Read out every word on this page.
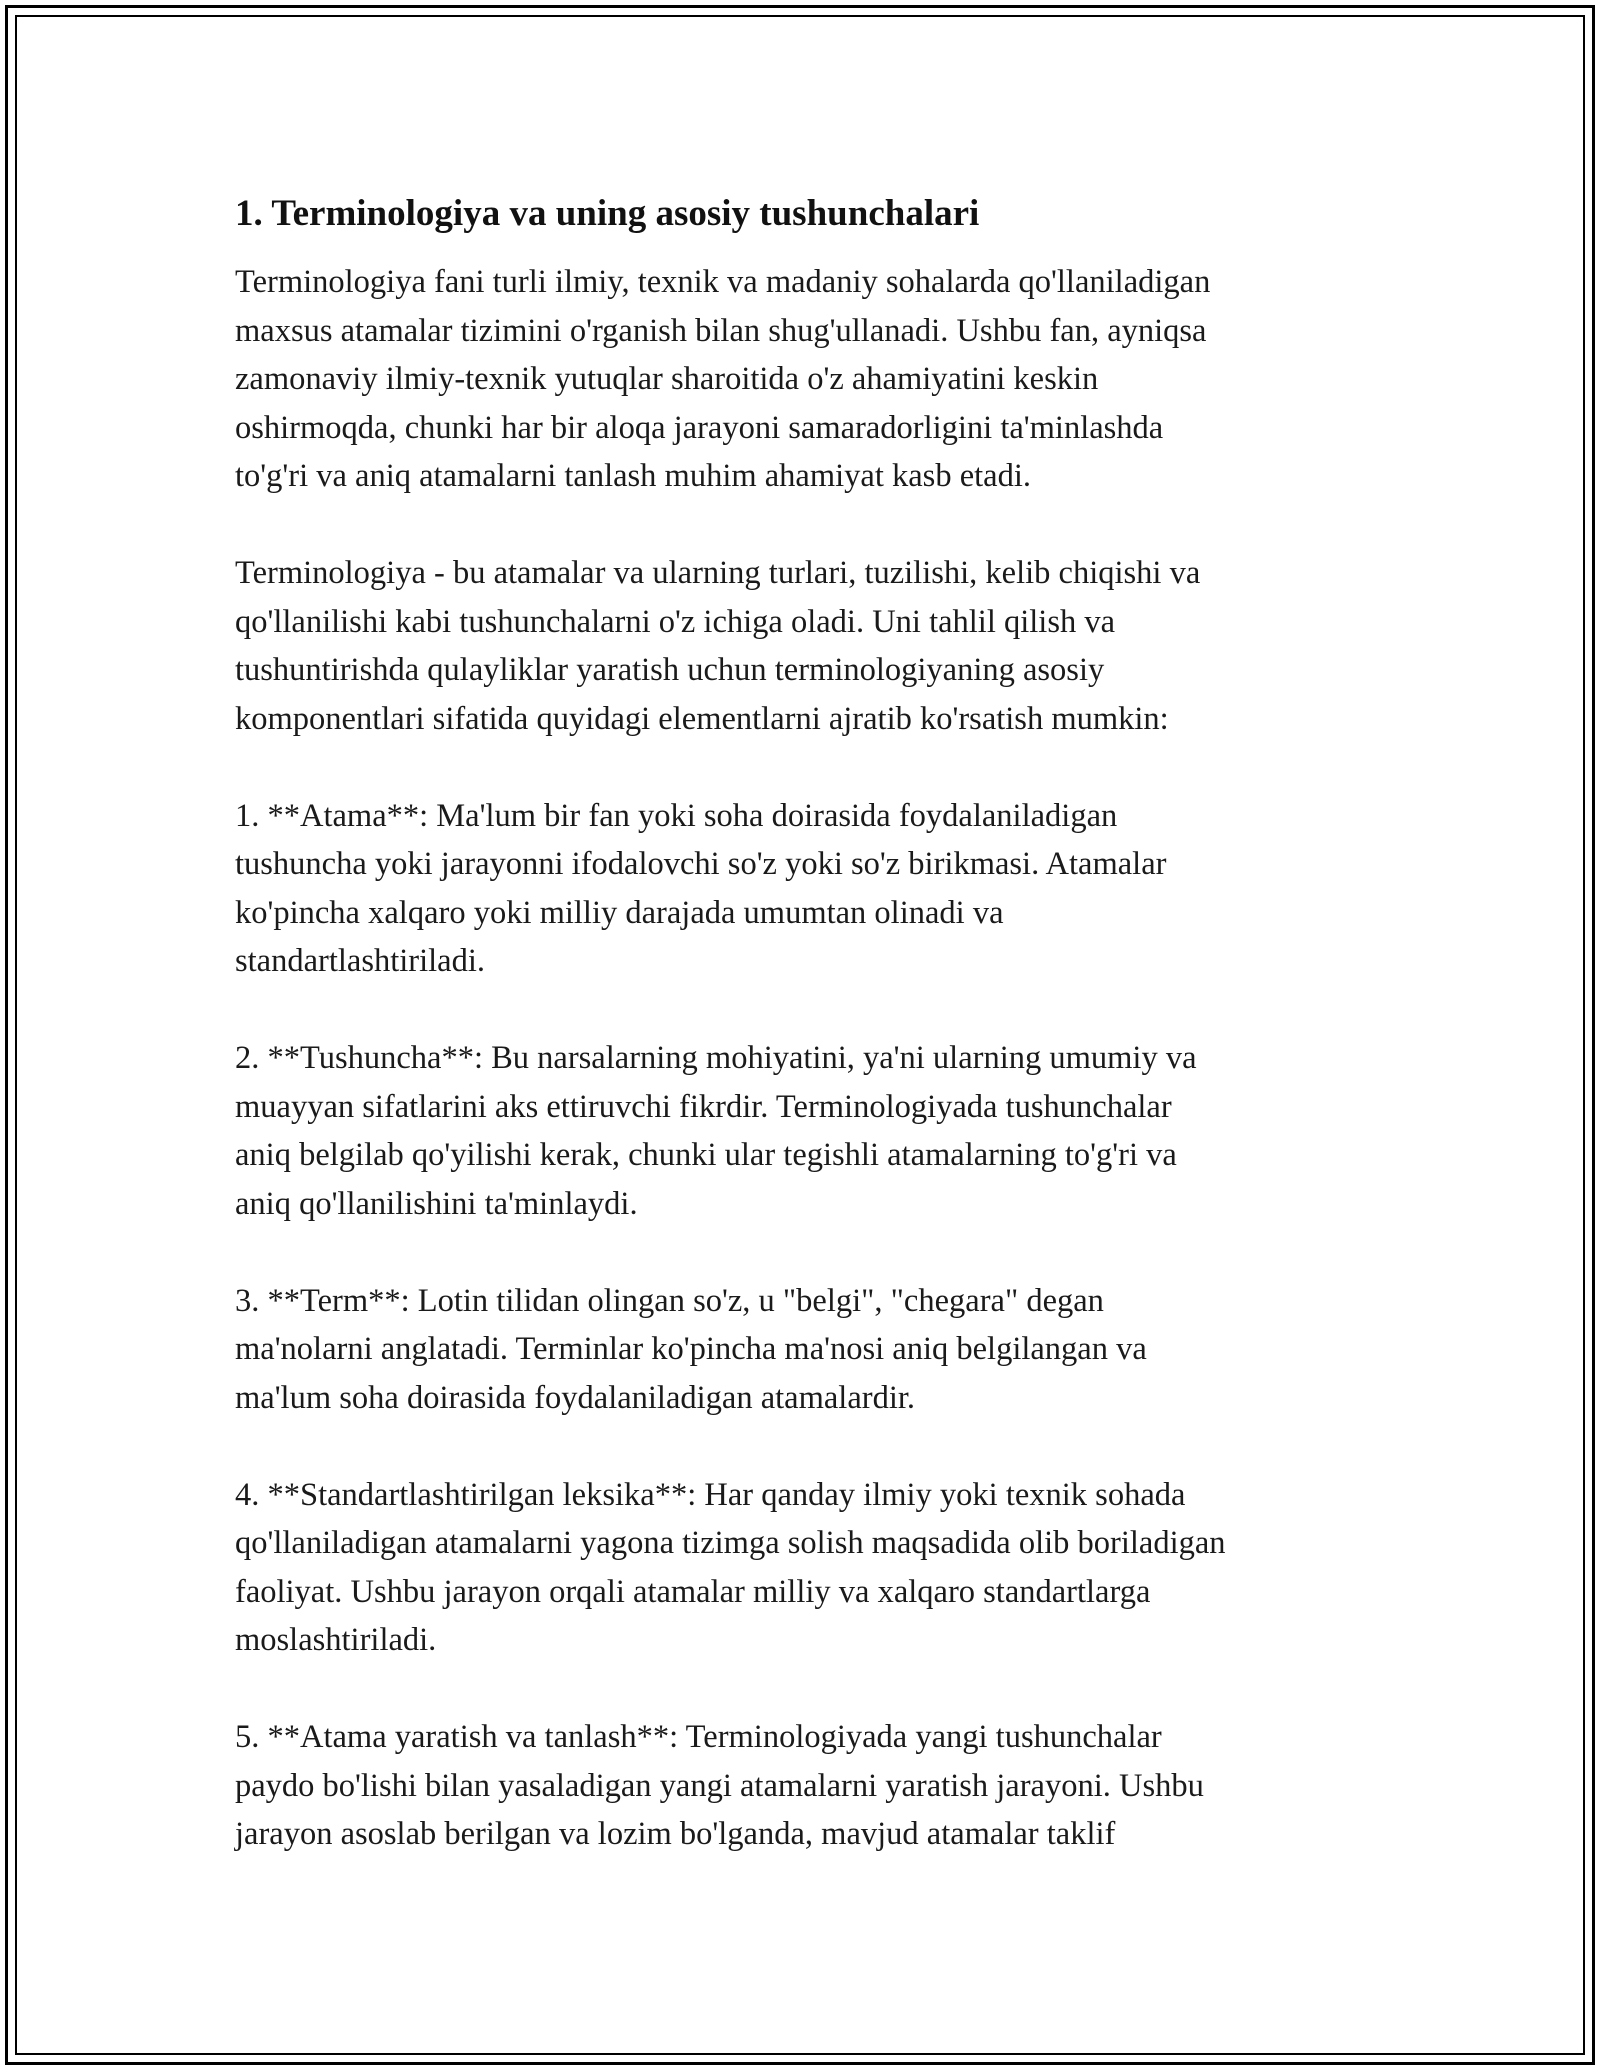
1. Terminologiya va uning asosiy tushunchalari

Terminologiya fani turli ilmiy, texnik va madaniy sohalarda qo'llaniladigan
maxsus atamalar tizimini o'rganish bilan shug'ullanadi. Ushbu fan, ayniqsa
zamonaviy ilmiy-texnik yutuqlar sharoitida o'z ahamiyatini keskin
oshirmoqda, chunki har bir aloqa jarayoni samaradorligini ta'minlashda
to'g'ri va aniq atamalarni tanlash muhim ahamiyat kasb etadi.

Terminologiya - bu atamalar va ularning turlari, tuzilishi, kelib chiqishi va
qo'llanilishi kabi tushunchalarni o'z ichiga oladi. Uni tahlil qilish va
tushuntirishda qulayliklar yaratish uchun terminologiyaning asosiy
komponentlari sifatida quyidagi elementlarni ajratib ko'rsatish mumkin:

1. **Atama**: Ma'lum bir fan yoki soha doirasida foydalaniladigan
tushuncha yoki jarayonni ifodalovchi so'z yoki so'z birikmasi. Atamalar
ko'pincha xalqaro yoki milliy darajada umumtan olinadi va
standartlashtiriladi.

2. **Tushuncha**: Bu narsalarning mohiyatini, ya'ni ularning umumiy va
muayyan sifatlarini aks ettiruvchi fikrdir. Terminologiyada tushunchalar
aniq belgilab qo'yilishi kerak, chunki ular tegishli atamalarning to'g'ri va
aniq qo'llanilishini ta'minlaydi.

3. **Term**: Lotin tilidan olingan so'z, u "belgi", "chegara" degan
ma'nolarni anglatadi. Terminlar ko'pincha ma'nosi aniq belgilangan va
ma'lum soha doirasida foydalaniladigan atamalardir.

4. **Standartlashtirilgan leksika**: Har qanday ilmiy yoki texnik sohada
qo'llaniladigan atamalarni yagona tizimga solish maqsadida olib boriladigan
faoliyat. Ushbu jarayon orqali atamalar milliy va xalqaro standartlarga
moslashtiriladi.

5. **Atama yaratish va tanlash**: Terminologiyada yangi tushunchalar
paydo bo'lishi bilan yasaladigan yangi atamalarni yaratish jarayoni. Ushbu
jarayon asoslab berilgan va lozim bo'lganda, mavjud atamalar taklif
